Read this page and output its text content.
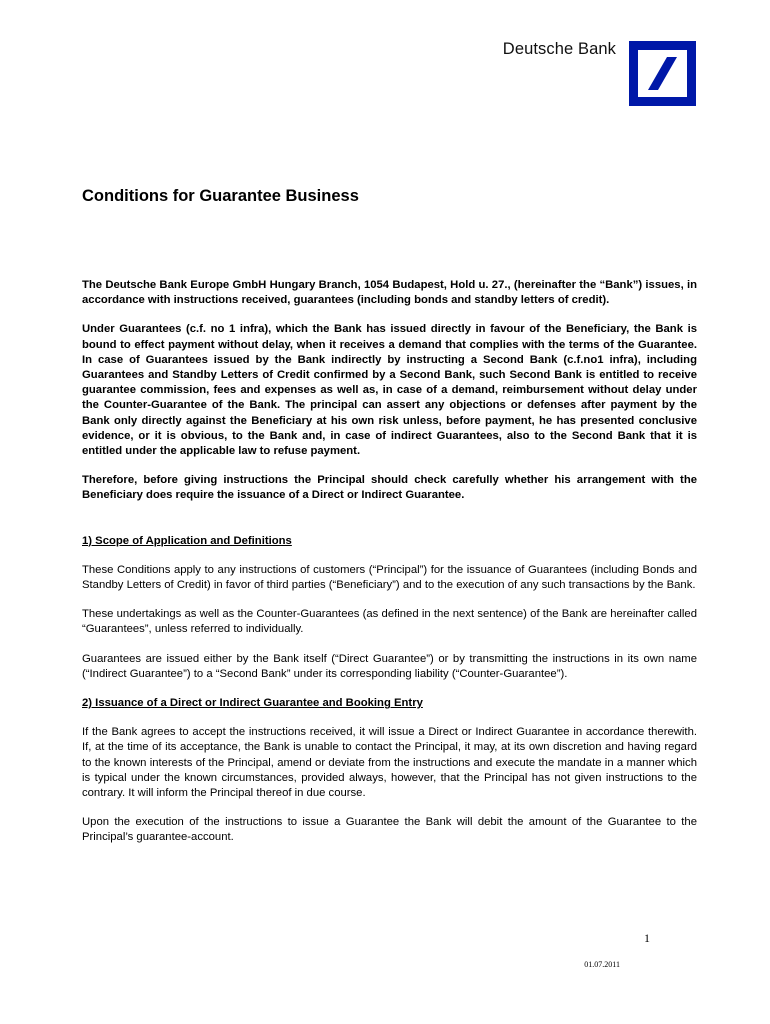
Deutsche Bank
Conditions for Guarantee Business

The Deutsche Bank Europe GmbH Hungary Branch, 1054 Budapest, Hold u. 27., (hereinafter the “Bank”) issues, in accordance with instructions received, guarantees (including bonds and standby letters of credit).

Under Guarantees (c.f. no 1 infra), which the Bank has issued directly in favour of the Beneficiary, the Bank is bound to effect payment without delay, when it receives a demand that complies with the terms of the Guarantee. In case of Guarantees issued by the Bank indirectly by instructing a Second Bank (c.f.no1 infra), including Guarantees and Standby Letters of Credit confirmed by a Second Bank, such Second Bank is entitled to receive guarantee commission, fees and expenses as well as, in case of a demand, reimbursement without delay under the Counter-Guarantee of the Bank. The principal can assert any objections or defenses after payment by the Bank only directly against the Beneficiary at his own risk unless, before payment, he has presented conclusive evidence, or it is obvious, to the Bank and, in case of indirect Guarantees, also to the Second Bank that it is entitled under the applicable law to refuse payment.

Therefore, before giving instructions the Principal should check carefully whether his arrangement with the Beneficiary does require the issuance of a Direct or Indirect Guarantee.

1) Scope of Application and Definitions

These Conditions apply to any instructions of customers (“Principal”) for the issuance of Guarantees (including Bonds and Standby Letters of Credit) in favor of third parties (“Beneficiary”) and to the execution of any such transactions by the Bank.

These undertakings as well as the Counter-Guarantees (as defined in the next sentence) of the Bank are hereinafter called “Guarantees”, unless referred to individually.

Guarantees are issued either by the Bank itself (“Direct Guarantee”) or by transmitting the instructions in its own name (“Indirect Guarantee”) to a “Second Bank” under its corresponding liability (“Counter-Guarantee”).

2) Issuance of a Direct or Indirect Guarantee and Booking Entry

If the Bank agrees to accept the instructions received, it will issue a Direct or Indirect Guarantee in accordance therewith. If, at the time of its acceptance, the Bank is unable to contact the Principal, it may, at its own discretion and having regard to the known interests of the Principal, amend or deviate from the instructions and execute the mandate in a manner which is typical under the known circumstances, provided always, however, that the Principal has not given instructions to the contrary. It will inform the Principal thereof in due course.

Upon the execution of the instructions to issue a Guarantee the Bank will debit the amount of the Guarantee to the Principal’s guarantee-account.

1
01.07.2011
